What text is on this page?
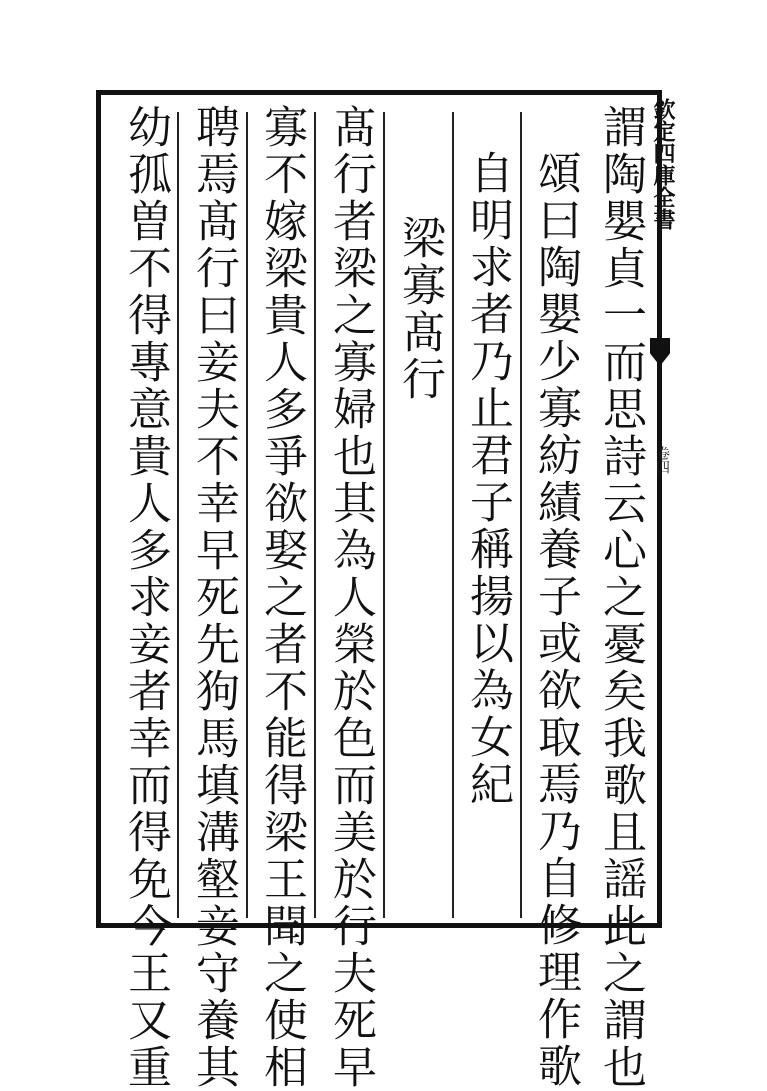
欽定四庫全書
卷四
謂陶嬰貞一而思詩云心之憂矣我歌且謡此之謂也
頌曰陶嬰少寡紡績養子或欲取焉乃自修理作歌
自明求者乃止君子稱揚以為女紀
梁寡髙行
髙行者梁之寡婦也其為人榮於色而美於行夫死早
寡不嫁梁貴人多爭欲娶之者不能得梁王聞之使相
聘焉髙行曰妾夫不幸早死先狗馬填溝壑妾守養其
幼孤曽不得專意貴人多求妾者幸而得免今王又重
